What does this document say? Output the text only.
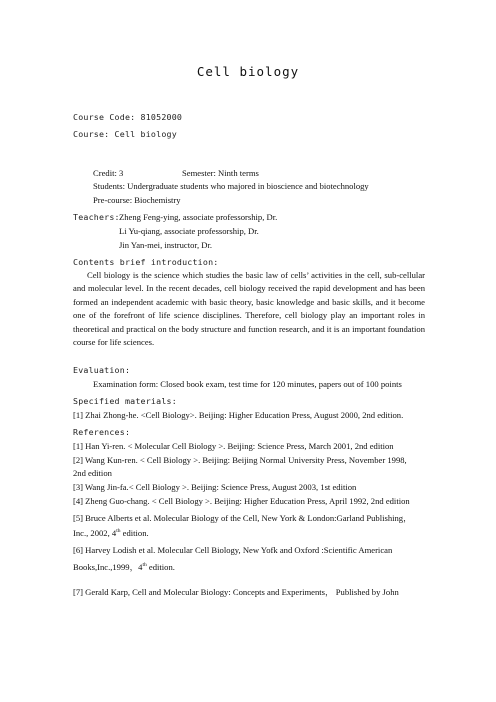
Cell biology
Course Code: 81052000
Course: Cell biology
Credit: 3	Semester: Ninth terms
Students: Undergraduate students who majored in bioscience and biotechnology
Pre-course: Biochemistry
Teachers: Zheng Feng-ying, associate professorship, Dr.
Li Yu-qiang, associate professorship, Dr.
Jin Yan-mei, instructor, Dr.
Contents brief introduction:
Cell biology is the science which studies the basic law of cells’ activities in the cell, sub-cellular and molecular level. In the recent decades, cell biology received the rapid development and has been formed an independent academic with basic theory, basic knowledge and basic skills, and it become one of the forefront of life science disciplines. Therefore, cell biology play an important roles in theoretical and practical on the body structure and function research, and it is an important foundation course for life sciences.
Evaluation:
Examination form: Closed book exam, test time for 120 minutes, papers out of 100 points
Specified materials:
[1] Zhai Zhong-he. <Cell Biology>. Beijing: Higher Education Press, August 2000, 2nd edition.
References:
[1] Han Yi-ren. < Molecular Cell Biology >. Beijing: Science Press, March 2001, 2nd edition
[2] Wang Kun-ren. < Cell Biology >. Beijing: Beijing Normal University Press, November 1998,
2nd edition
[3] Wang Jin-fa.< Cell Biology >. Beijing: Science Press, August 2003, 1st edition
[4] Zheng Guo-chang. < Cell Biology >. Beijing: Higher Education Press, April 1992, 2nd edition
[5] Bruce Alberts et al. Molecular Biology of the Cell, New York & London:Garland Publishing，
Inc., 2002, 4th edition.
[6] Harvey Lodish et al. Molecular Cell Biology, New Yofk and Oxford :Scientific American
Books,Inc.,1999，4th edition.
[7] Gerald Karp, Cell and Molecular Biology: Concepts and Experiments， Published by John
